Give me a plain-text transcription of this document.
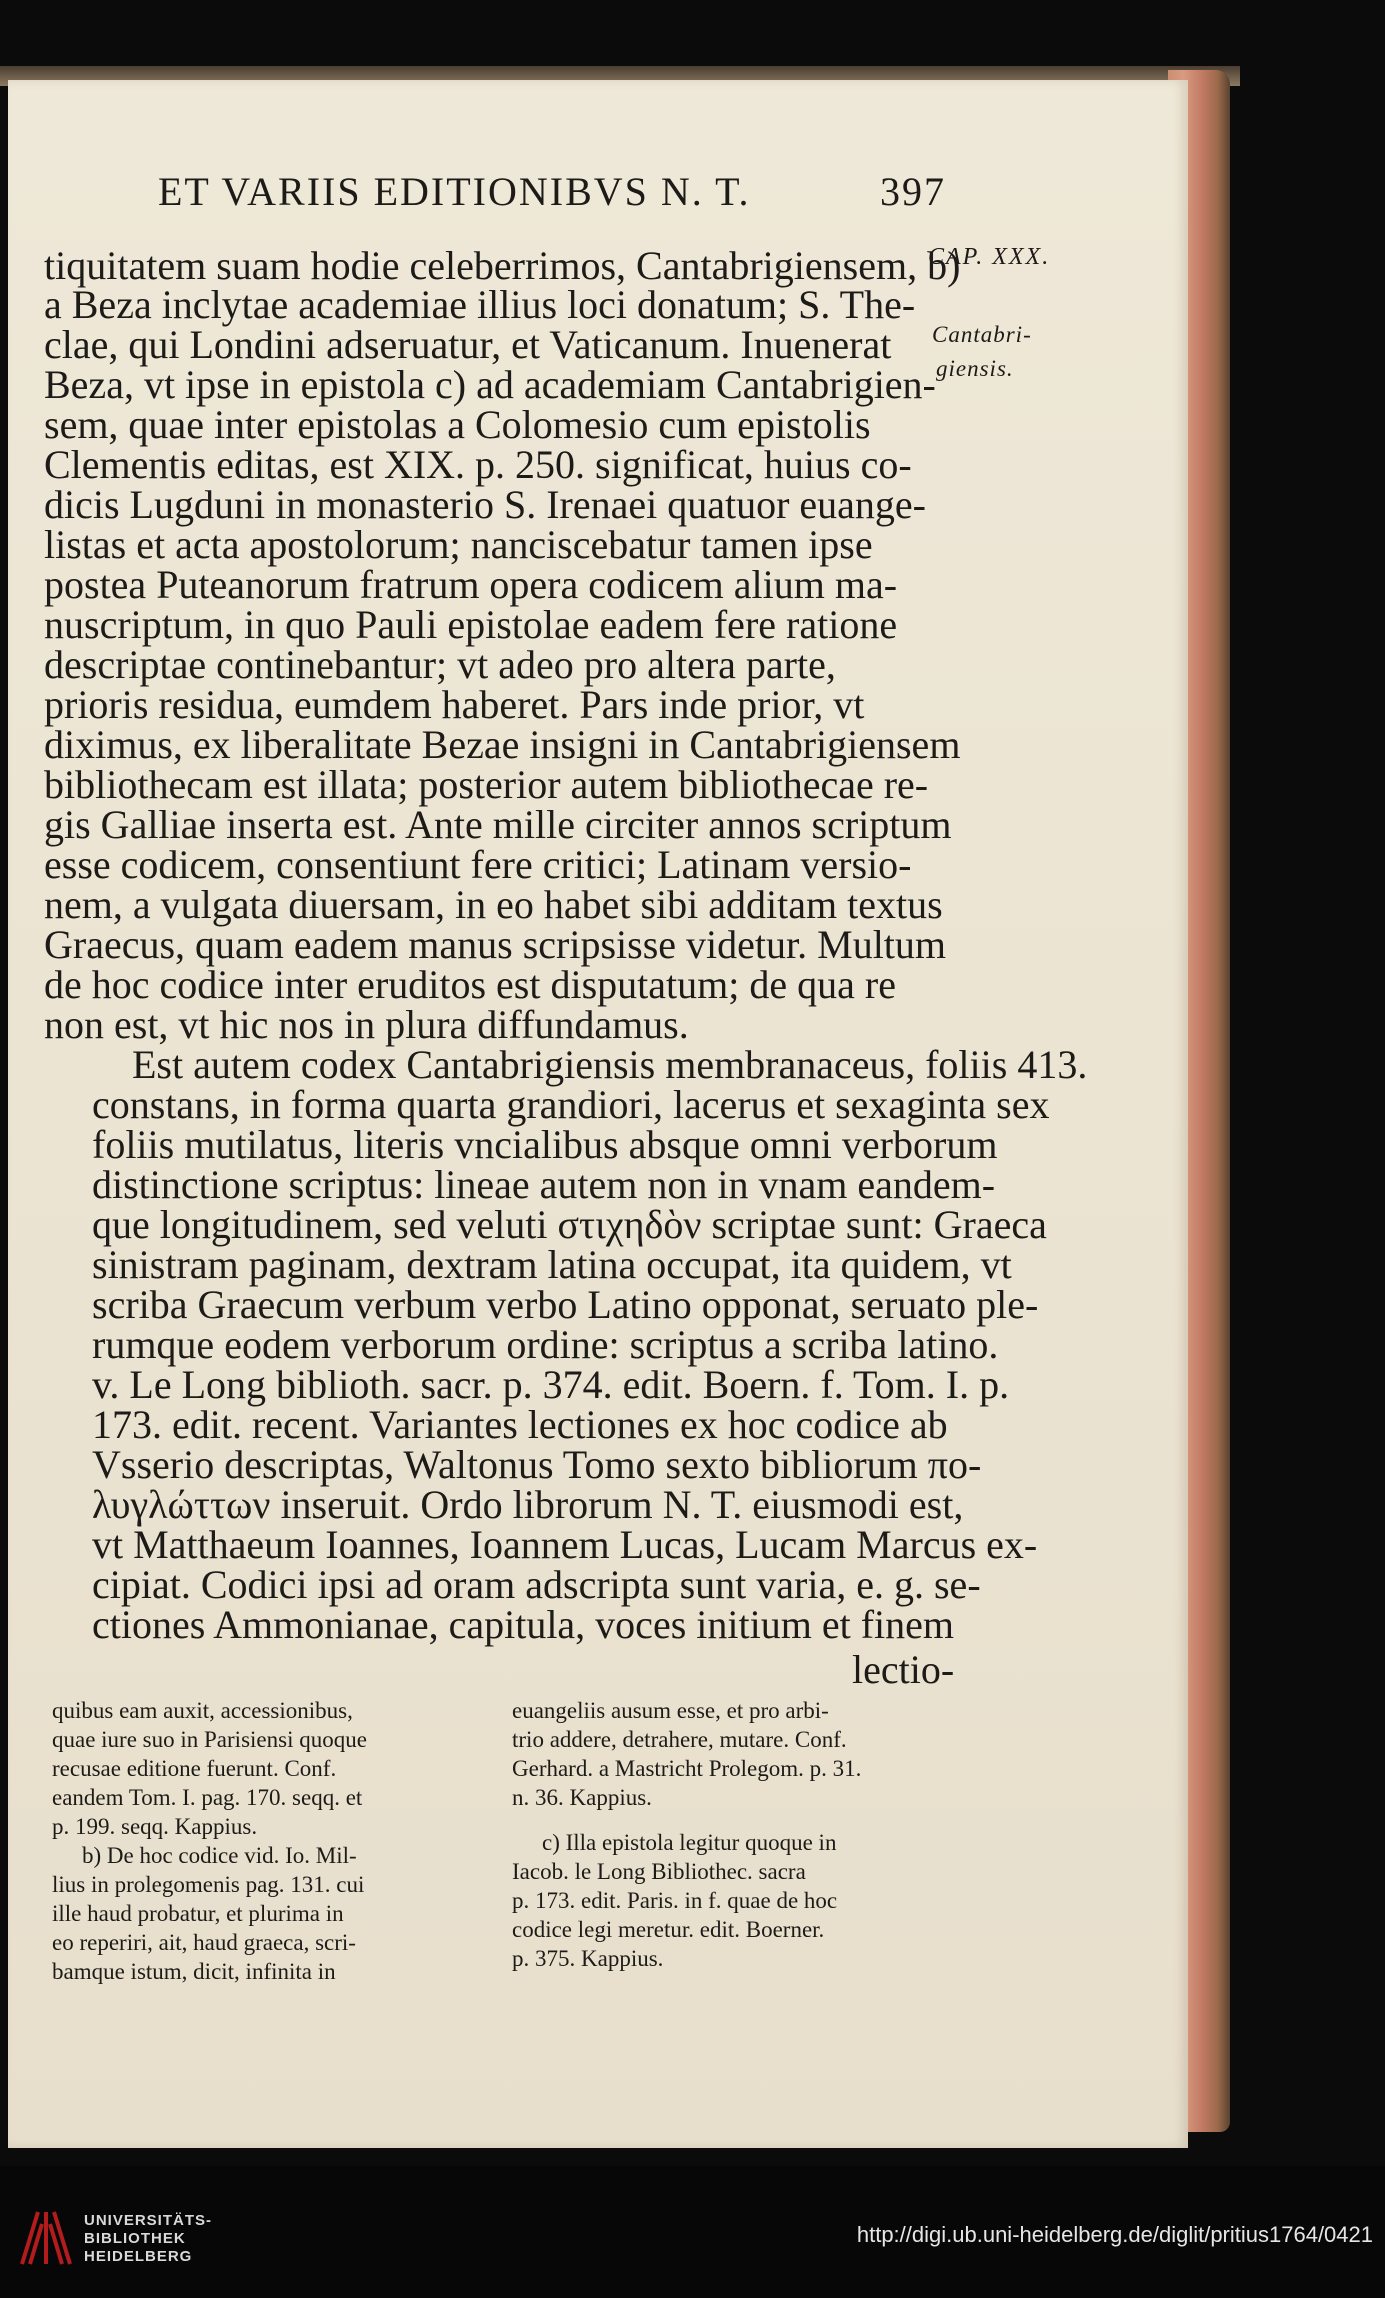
ET VARIIS EDITIONIBVS N. T.	397
CAP. XXX.
Cantabri-
giensis.
tiquitatem suam hodie celeberrimos, Cantabrigiensem, b)
a Beza inclytae academiae illius loci donatum; S. The-
clae, qui Londini adseruatur, et Vaticanum. Inuenerat
Beza, vt ipse in epistola c) ad academiam Cantabrigien-
sem, quae inter epistolas a Colomesio cum epistolis
Clementis editas, est XIX. p. 250. significat, huius co-
dicis Lugduni in monasterio S. Irenaei quatuor euange-
listas et acta apostolorum; nanciscebatur tamen ipse
postea Puteanorum fratrum opera codicem alium ma-
nuscriptum, in quo Pauli epistolae eadem fere ratione
descriptae continebantur; vt adeo pro altera parte,
prioris residua, eumdem haberet. Pars inde prior, vt
diximus, ex liberalitate Bezae insigni in Cantabrigiensem
bibliothecam est illata; posterior autem bibliothecae re-
gis Galliae inserta est. Ante mille circiter annos scriptum
esse codicem, consentiunt fere critici; Latinam versio-
nem, a vulgata diuersam, in eo habet sibi additam textus
Graecus, quam eadem manus scripsisse videtur. Multum
de hoc codice inter eruditos est disputatum; de qua re
non est, vt hic nos in plura diffundamus.
Est autem codex Cantabrigiensis membranaceus, foliis 413.
constans, in forma quarta grandiori, lacerus et sexaginta sex
foliis mutilatus, literis vncialibus absque omni verborum
distinctione scriptus: lineae autem non in vnam eandem-
que longitudinem, sed veluti στιχηδὸν scriptae sunt: Graeca
sinistram paginam, dextram latina occupat, ita quidem, vt
scriba Graecum verbum verbo Latino opponat, seruato ple-
rumque eodem verborum ordine: scriptus a scriba latino.
v. Le Long biblioth. sacr. p. 374. edit. Boern. f. Tom. I. p.
173. edit. recent. Variantes lectiones ex hoc codice ab
Vsserio descriptas, Waltonus Tomo sexto bibliorum πο-
λυγλώττων inseruit. Ordo librorum N. T. eiusmodi est,
vt Matthaeum Ioannes, Ioannem Lucas, Lucam Marcus ex-
cipiat. Codici ipsi ad oram adscripta sunt varia, e. g. se-
ctiones Ammonianae, capitula, voces initium et finem
lectio-
quibus eam auxit, accessionibus,
quae iure suo in Parisiensi quoque
recusae editione fuerunt. Conf.
eandem Tom. I. pag. 170. seqq. et
p. 199. seqq. Kappius.
b) De hoc codice vid. Io. Mil-
lius in prolegomenis pag. 131. cui
ille haud probatur, et plurima in
eo reperiri, ait, haud graeca, scri-
bamque istum, dicit, infinita in
euangeliis ausum esse, et pro arbi-
trio addere, detrahere, mutare. Conf.
Gerhard. a Mastricht Prolegom. p. 31.
n. 36. Kappius.
c) Illa epistola legitur quoque in
Iacob. le Long Bibliothec. sacra
p. 173. edit. Paris. in f. quae de hoc
codice legi meretur. edit. Boerner.
p. 375. Kappius.
UNIVERSITÄTS-
BIBLIOTHEK
HEIDELBERG
http://digi.ub.uni-heidelberg.de/diglit/pritius1764/0421
